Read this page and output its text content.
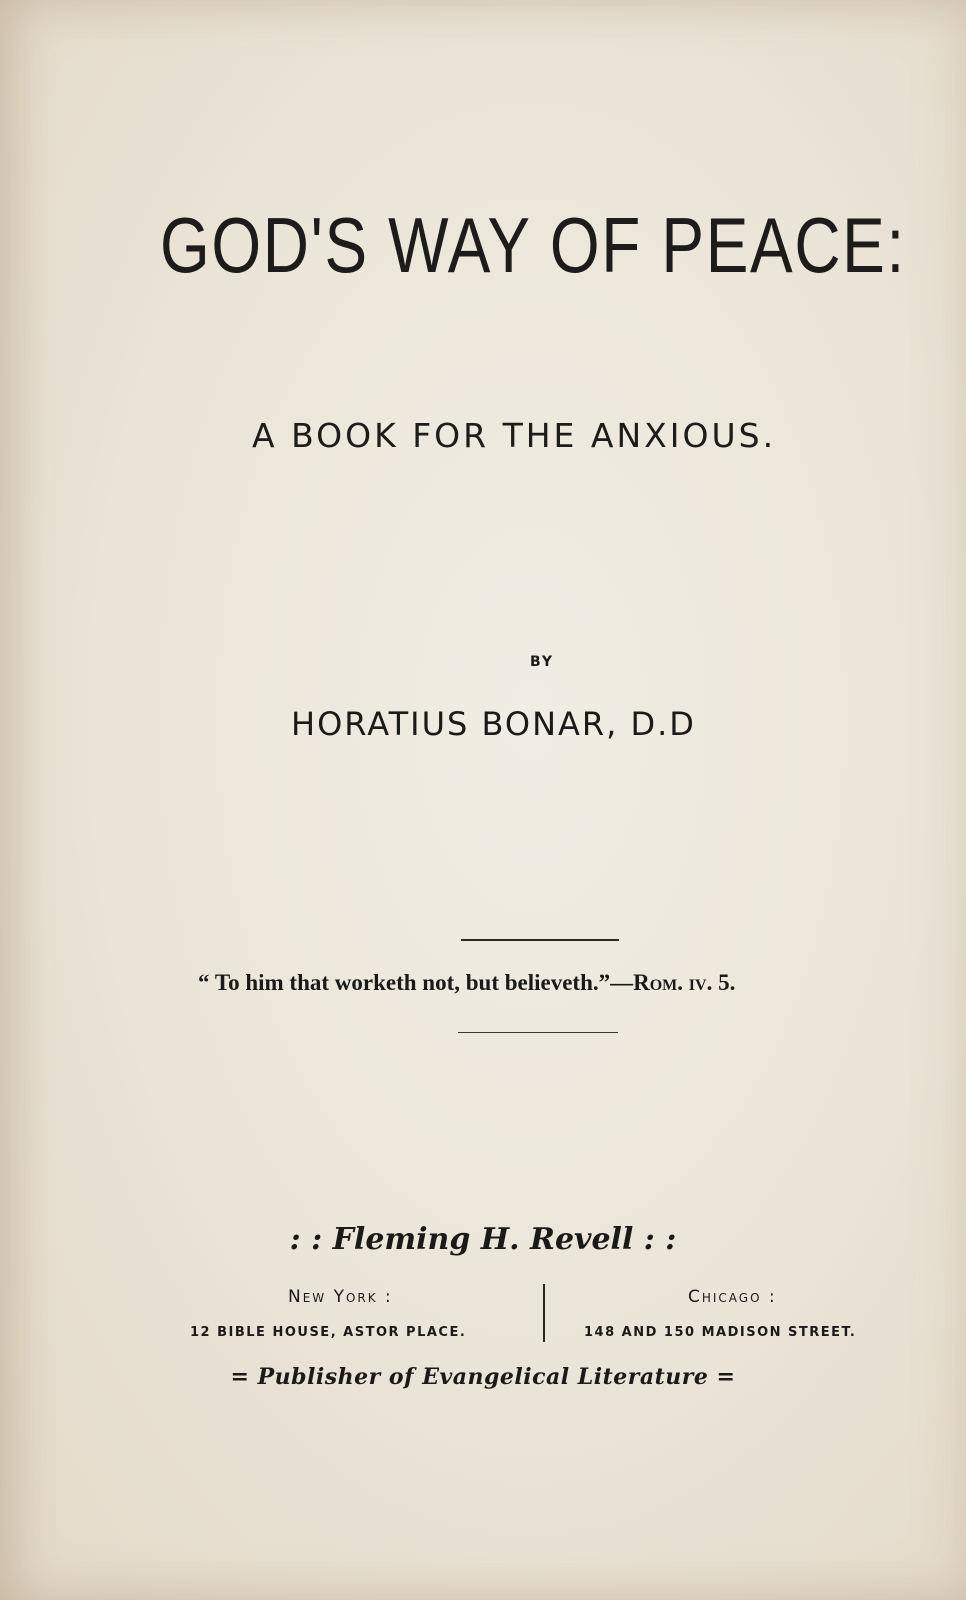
GOD'S WAY OF PEACE:
A BOOK FOR THE ANXIOUS.
BY
HORATIUS BONAR, D.D
“ To him that worketh not, but believeth.”—Rom. iv. 5.
: : Fleming H. Revell : :
New York :
12 BIBLE HOUSE, ASTOR PLACE.
Chicago :
148 AND 150 MADISON STREET.
= Publisher of Evangelical Literature =
